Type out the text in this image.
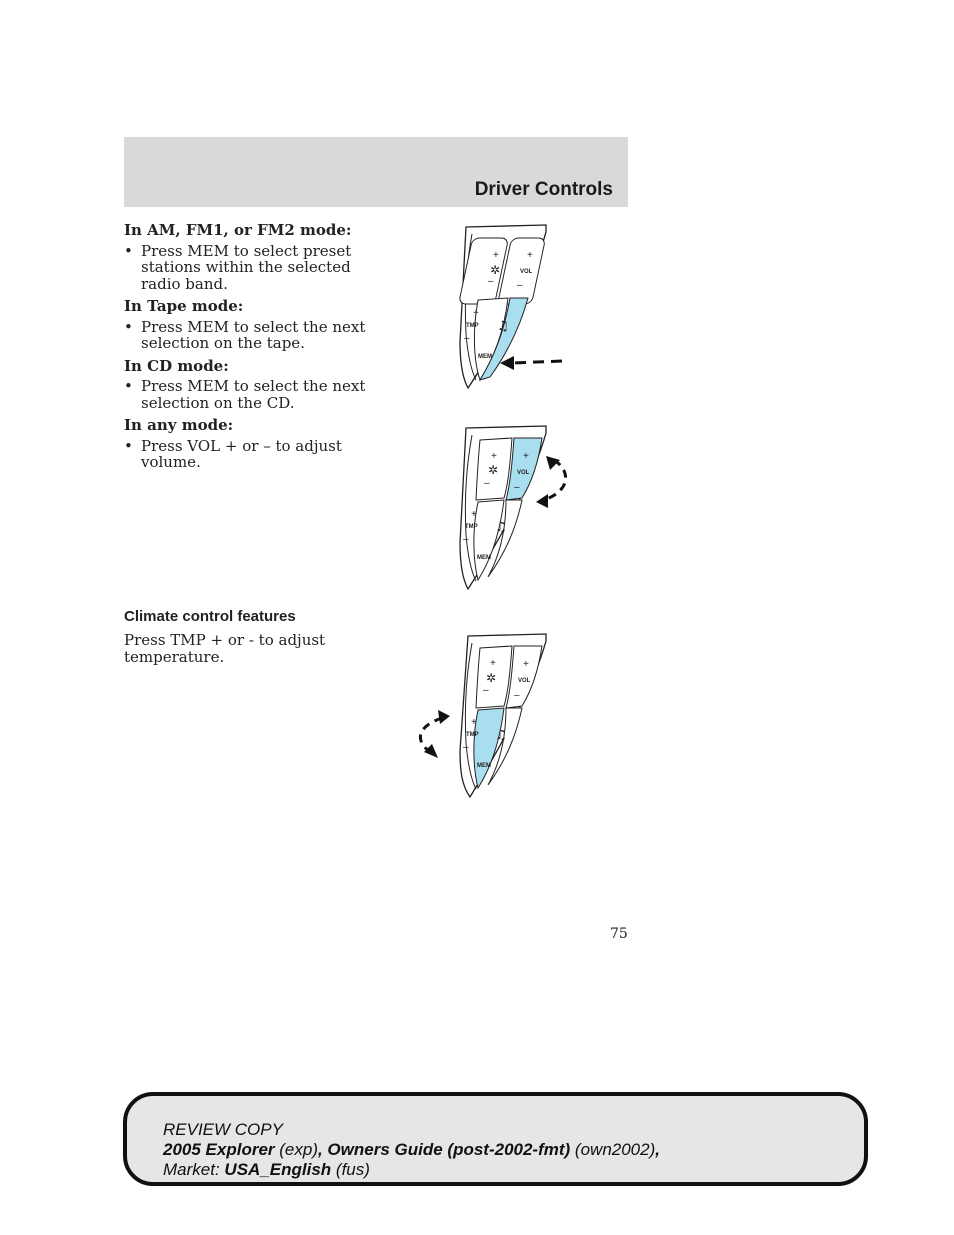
Driver Controls
In AM, FM1, or FM2 mode:
• Press MEM to select preset stations within the selected radio band.
In Tape mode:
• Press MEM to select the next selection on the tape.
In CD mode:
• Press MEM to select the next selection on the CD.
In any mode:
• Press VOL + or – to adjust volume.
Climate control features
Press TMP + or - to adjust temperature.
+
✲
–
+
VOL
–
+
TMP
–
♫
MEM
+
✲
–
+
VOL
–
+
TMP
–
♫
MEM
+
✲
–
+
VOL
–
+
TMP
–
♫
MEM
75
REVIEW COPY
2005 Explorer (exp), Owners Guide (post-2002-fmt) (own2002),
Market: USA_English (fus)
